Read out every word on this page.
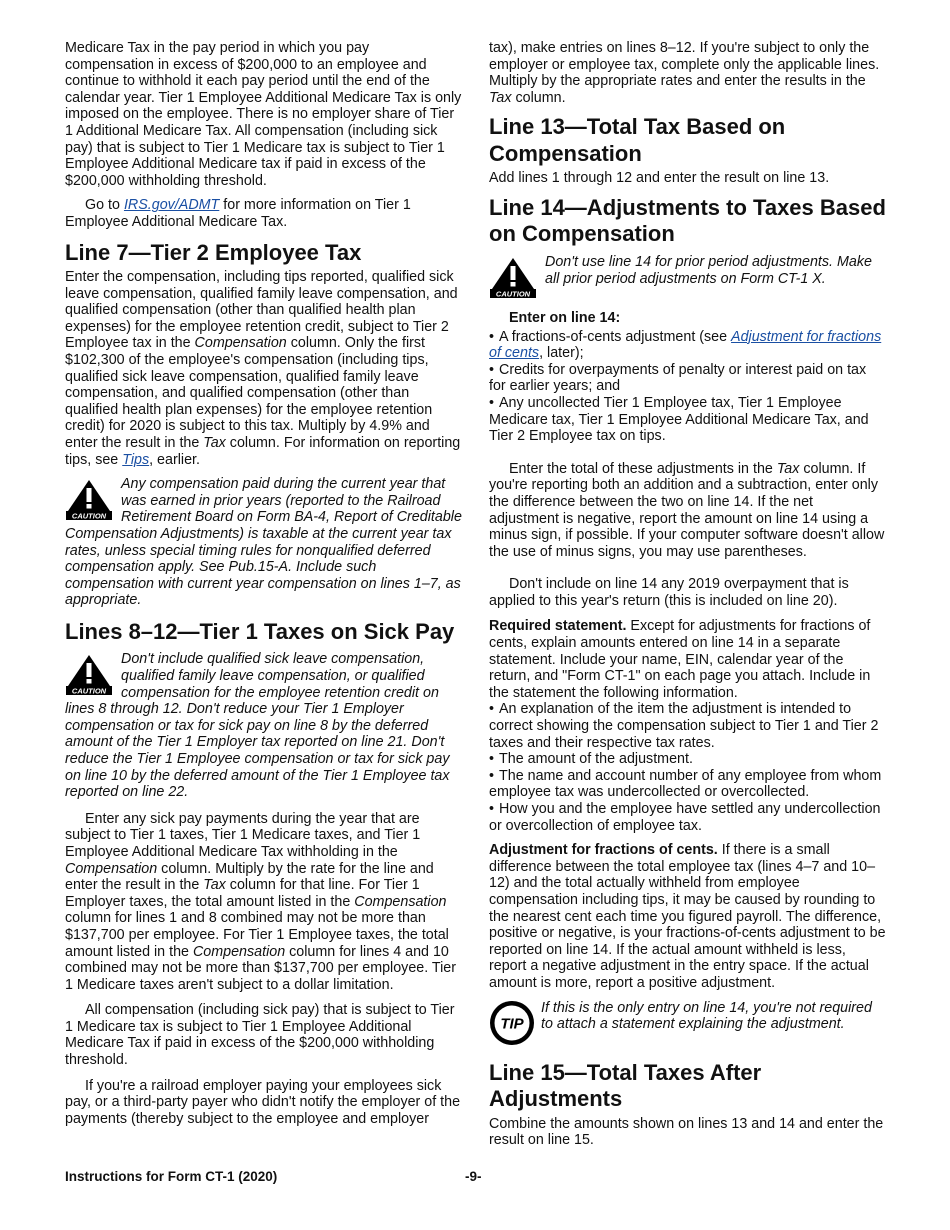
Medicare Tax in the pay period in which you pay compensation in excess of $200,000 to an employee and continue to withhold it each pay period until the end of the calendar year. Tier 1 Employee Additional Medicare Tax is only imposed on the employee. There is no employer share of Tier 1 Additional Medicare Tax. All compensation (including sick pay) that is subject to Tier 1 Medicare tax is subject to Tier 1 Employee Additional Medicare tax if paid in excess of the $200,000 withholding threshold.

Go to IRS.gov/ADMT for more information on Tier 1 Employee Additional Medicare Tax.

Line 7—Tier 2 Employee Tax

Enter the compensation, including tips reported, qualified sick leave compensation, qualified family leave compensation, and qualified compensation (other than qualified health plan expenses) for the employee retention credit, subject to Tier 2 Employee tax in the Compensation column. Only the first $102,300 of the employee's compensation (including tips, qualified sick leave compensation, qualified family leave compensation, and qualified compensation (other than qualified health plan expenses) for the employee retention credit) for 2020 is subject to this tax. Multiply by 4.9% and enter the result in the Tax column. For information on reporting tips, see Tips, earlier.

CAUTION
Any compensation paid during the current year that was earned in prior years (reported to the Railroad Retirement Board on Form BA-4, Report of Creditable Compensation Adjustments) is taxable at the current year tax rates, unless special timing rules for nonqualified deferred compensation apply. See Pub.15-A. Include such compensation with current year compensation on lines 1–7, as appropriate.
Lines 8–12—Tier 1 Taxes on Sick Pay
CAUTION
Don't include qualified sick leave compensation, qualified family leave compensation, or qualified compensation for the employee retention credit on lines 8 through 12. Don't reduce your Tier 1 Employer compensation or tax for sick pay on line 8 by the deferred amount of the Tier 1 Employer tax reported on line 21. Don't reduce the Tier 1 Employee compensation or tax for sick pay on line 10 by the deferred amount of the Tier 1 Employee tax reported on line 22.

Enter any sick pay payments during the year that are subject to Tier 1 taxes, Tier 1 Medicare taxes, and Tier 1 Employee Additional Medicare Tax withholding in the Compensation column. Multiply by the rate for the line and enter the result in the Tax column for that line. For Tier 1 Employer taxes, the total amount listed in the Compensation column for lines 1 and 8 combined may not be more than $137,700 per employee. For Tier 1 Employee taxes, the total amount listed in the Compensation column for lines 4 and 10 combined may not be more than $137,700 per employee. Tier 1 Medicare taxes aren't subject to a dollar limitation.

All compensation (including sick pay) that is subject to Tier 1 Medicare tax is subject to Tier 1 Employee Additional Medicare Tax if paid in excess of the $200,000 withholding threshold.

If you're a railroad employer paying your employees sick pay, or a third-party payer who didn't notify the employer of the payments (thereby subject to the employee and employer

tax), make entries on lines 8–12. If you're subject to only the employer or employee tax, complete only the applicable lines. Multiply by the appropriate rates and enter the results in the Tax column.

Line 13—Total Tax Based on Compensation

Add lines 1 through 12 and enter the result on line 13.

Line 14—Adjustments to Taxes Based on Compensation
CAUTION
Don't use line 14 for prior period adjustments. Make all prior period adjustments on Form CT-1 X.

Enter on line 14:

• A fractions-of-cents adjustment (see Adjustment for fractions of cents, later);

• Credits for overpayments of penalty or interest paid on tax for earlier years; and

• Any uncollected Tier 1 Employee tax, Tier 1 Employee Medicare tax, Tier 1 Employee Additional Medicare Tax, and Tier 2 Employee tax on tips.

Enter the total of these adjustments in the Tax column. If you're reporting both an addition and a subtraction, enter only the difference between the two on line 14. If the net adjustment is negative, report the amount on line 14 using a minus sign, if possible. If your computer software doesn't allow the use of minus signs, you may use parentheses.

Don't include on line 14 any 2019 overpayment that is applied to this year's return (this is included on line 20).

Required statement. Except for adjustments for fractions of cents, explain amounts entered on line 14 in a separate statement. Include your name, EIN, calendar year of the return, and "Form CT-1" on each page you attach. Include in the statement the following information.

• An explanation of the item the adjustment is intended to correct showing the compensation subject to Tier 1 and Tier 2 taxes and their respective tax rates.

• The amount of the adjustment.

• The name and account number of any employee from whom employee tax was undercollected or overcollected.

• How you and the employee have settled any undercollection or overcollection of employee tax.

Adjustment for fractions of cents. If there is a small difference between the total employee tax (lines 4–7 and 10–12) and the total actually withheld from employee compensation including tips, it may be caused by rounding to the nearest cent each time you figured payroll. The difference, positive or negative, is your fractions-of-cents adjustment to be reported on line 14. If the actual amount withheld is less, report a negative adjustment in the entry space. If the actual amount is more, report a positive adjustment.

TIP
If this is the only entry on line 14, you're not required to attach a statement explaining the adjustment.
Line 15—Total Taxes After Adjustments

Combine the amounts shown on lines 13 and 14 and enter the result on line 15.

Instructions for Form CT-1 (2020)	-9-
